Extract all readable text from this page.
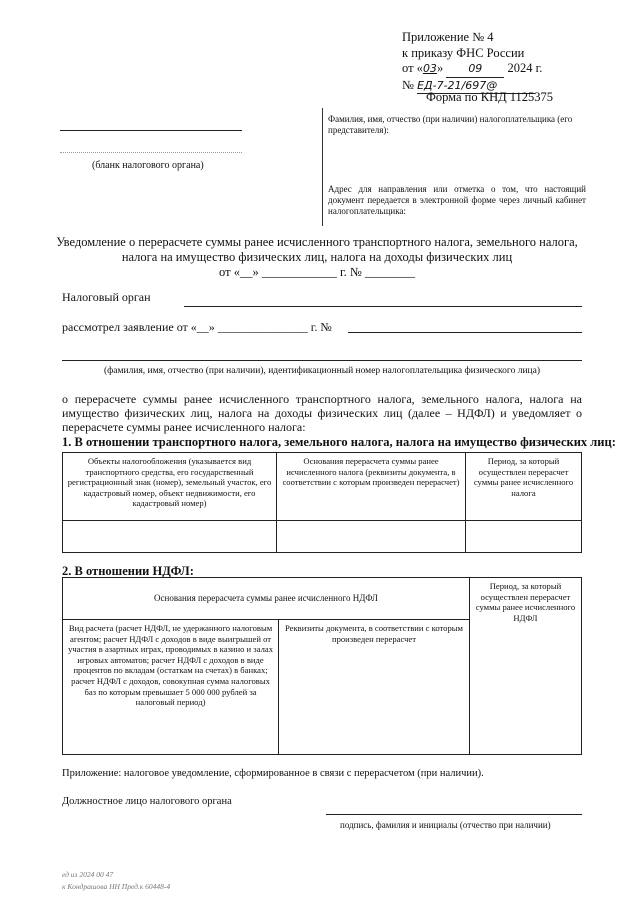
Приложение № 4
к приказу ФНС России
от «03» 09 2024 г.
№ ЕД-7-21/697@
Форма по КНД 1125375
(бланк налогового органа)
Фамилия, имя, отчество (при наличии) налогоплательщика (его представителя):
Адрес для направления или отметка о том, что настоящий документ передается в электронной форме через личный кабинет налогоплательщика:
Уведомление о перерасчете суммы ранее исчисленного транспортного налога, земельного налога,
налога на имущество физических лиц, налога на доходы физических лиц
от «__» ____________ г. № ________
Налоговый орган
рассмотрел заявление от «__» _______________ г. №
(фамилия, имя, отчество (при наличии), идентификационный номер налогоплательщика физического лица)
о перерасчете суммы ранее исчисленного транспортного налога, земельного налога, налога на имущество физических лиц, налога на доходы физических лиц (далее – НДФЛ) и уведомляет о перерасчете суммы ранее исчисленного налога:
1. В отношении транспортного налога, земельного налога, налога на имущество физических лиц:
Объекты налогообложения (указывается вид транспортного средства, его государственный регистрационный знак (номер), земельный участок, его кадастровый номер, объект недвижимости, его кадастровый номер)	Основания перерасчета суммы ранее исчисленного налога (реквизиты документа, в соответствии с которым произведен перерасчет)	Период, за который осуществлен перерасчет суммы ранее исчисленного налога

2. В отношении НДФЛ:
Основания перерасчета суммы ранее исчисленного НДФЛ		Период, за который осуществлен перерасчет суммы ранее исчисленного НДФЛ
Вид расчета (расчет НДФЛ, не удержанного налоговым агентом; расчет НДФЛ с доходов в виде выигрышей от участия в азартных играх, проводимых в казино и залах игровых автоматов; расчет НДФЛ с доходов в виде процентов по вкладам (остаткам на счетах) в банках; расчет НДФЛ с доходов, совокупная сумма налоговых баз по которым превышает 5 000 000 рублей за налоговый период)	Реквизиты документа, в соответствии с которым произведен перерасчет	
Приложение: налоговое уведомление, сформированное в связи с перерасчетом (при наличии).
Должностное лицо налогового органа
подпись, фамилия и инициалы (отчество при наличии)
ед из 2024 00 47
к Кондрашова НН Пред.к 60448-4
